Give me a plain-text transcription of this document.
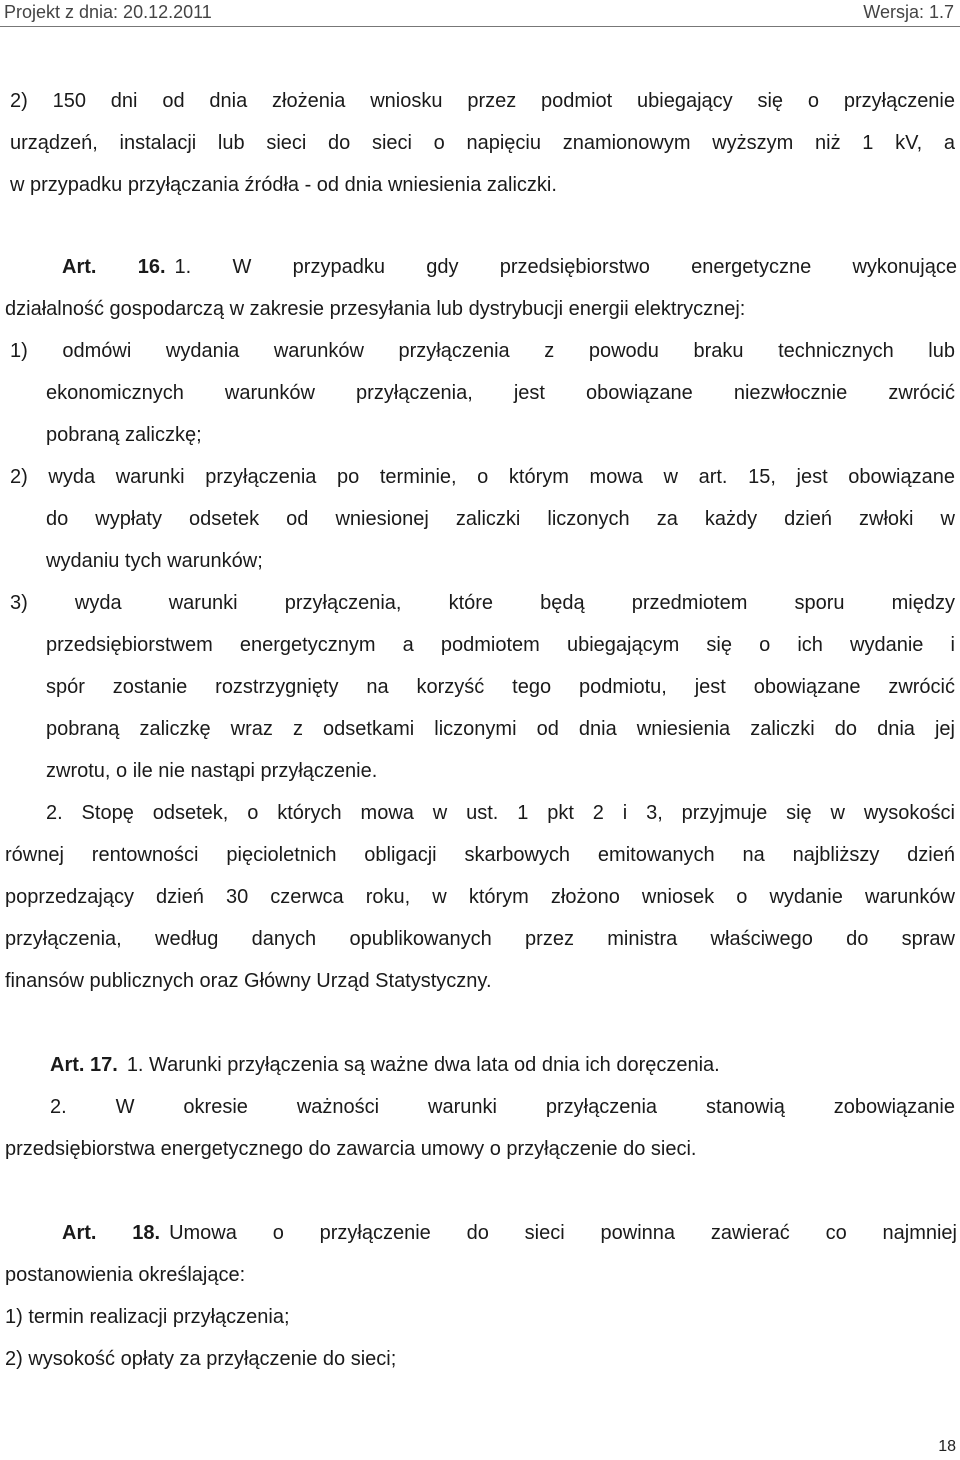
Projekt z dnia: 20.12.2011	Wersja: 1.7
2) 150 dni od dnia złożenia wniosku przez podmiot ubiegający się o przyłączenie
urządzeń, instalacji lub sieci do sieci o napięciu znamionowym wyższym niż 1 kV, a
w przypadku przyłączania źródła - od dnia wniesienia zaliczki.
Art. 16. 1. W przypadku gdy przedsiębiorstwo energetyczne wykonujące
działalność gospodarczą w zakresie przesyłania lub dystrybucji energii elektrycznej:
1) odmówi wydania warunków przyłączenia z powodu braku technicznych lub
ekonomicznych warunków przyłączenia, jest obowiązane niezwłocznie zwrócić
pobraną zaliczkę;
2) wyda warunki przyłączenia po terminie, o którym mowa w art. 15, jest obowiązane
do wypłaty odsetek od wniesionej zaliczki liczonych za każdy dzień zwłoki w
wydaniu tych warunków;
3) wyda warunki przyłączenia, które będą przedmiotem sporu między
przedsiębiorstwem energetycznym a podmiotem ubiegającym się o ich wydanie i
spór zostanie rozstrzygnięty na korzyść tego podmiotu, jest obowiązane zwrócić
pobraną zaliczkę wraz z odsetkami liczonymi od dnia wniesienia zaliczki do dnia jej
zwrotu, o ile nie nastąpi przyłączenie.
2. Stopę odsetek, o których mowa w ust. 1 pkt 2 i 3, przyjmuje się w wysokości
równej rentowności pięcioletnich obligacji skarbowych emitowanych na najbliższy dzień
poprzedzający dzień 30 czerwca roku, w którym złożono wniosek o wydanie warunków
przyłączenia, według danych opublikowanych przez ministra właściwego do spraw
finansów publicznych oraz Główny Urząd Statystyczny.
Art. 17. 1. Warunki przyłączenia są ważne dwa lata od dnia ich doręczenia.
2. W okresie ważności warunki przyłączenia stanowią zobowiązanie
przedsiębiorstwa energetycznego do zawarcia umowy o przyłączenie do sieci.
Art. 18. Umowa o przyłączenie do sieci powinna zawierać co najmniej
postanowienia określające:
1) termin realizacji przyłączenia;
2) wysokość opłaty za przyłączenie do sieci;
18
